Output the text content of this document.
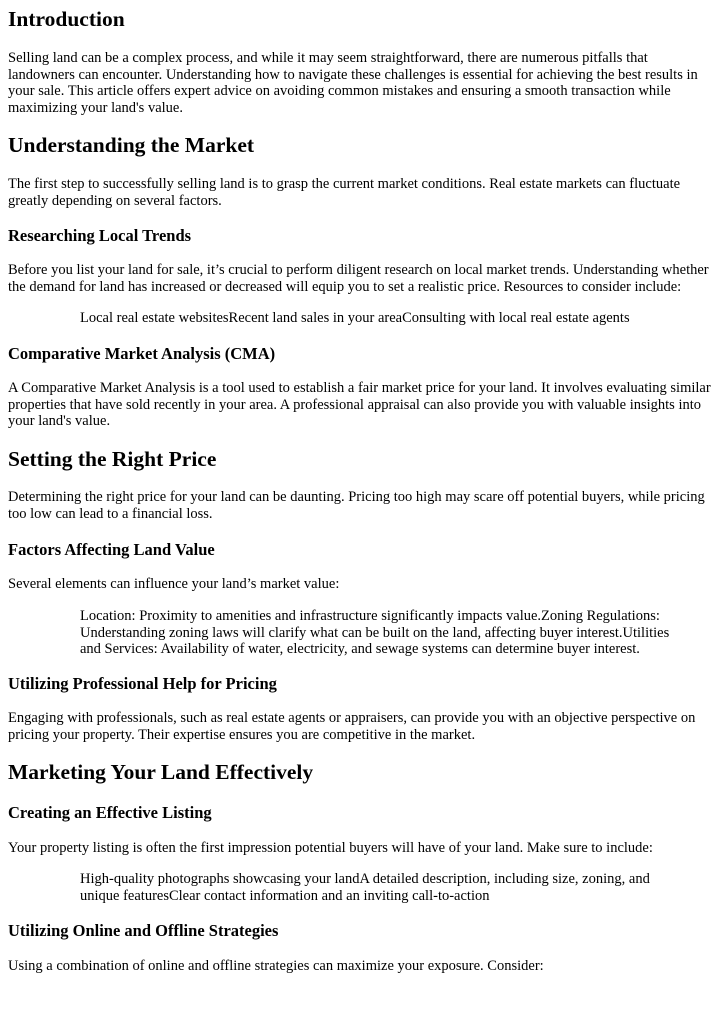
Introduction

Selling land can be a complex process, and while it may seem straightforward, there are numerous pitfalls that landowners can encounter. Understanding how to navigate these challenges is essential for achieving the best results in your sale. This article offers expert advice on avoiding common mistakes and ensuring a smooth transaction while maximizing your land's value.

Understanding the Market

The first step to successfully selling land is to grasp the current market conditions. Real estate markets can fluctuate greatly depending on several factors.

Researching Local Trends

Before you list your land for sale, it’s crucial to perform diligent research on local market trends. Understanding whether the demand for land has increased or decreased will equip you to set a realistic price. Resources to consider include:

Local real estate websitesRecent land sales in your areaConsulting with local real estate agents

Comparative Market Analysis (CMA)

A Comparative Market Analysis is a tool used to establish a fair market price for your land. It involves evaluating similar properties that have sold recently in your area. A professional appraisal can also provide you with valuable insights into your land's value.

Setting the Right Price

Determining the right price for your land can be daunting. Pricing too high may scare off potential buyers, while pricing too low can lead to a financial loss.

Factors Affecting Land Value

Several elements can influence your land’s market value:

Location: Proximity to amenities and infrastructure significantly impacts value.Zoning Regulations: Understanding zoning laws will clarify what can be built on the land, affecting buyer interest.Utilities and Services: Availability of water, electricity, and sewage systems can determine buyer interest.

Utilizing Professional Help for Pricing

Engaging with professionals, such as real estate agents or appraisers, can provide you with an objective perspective on pricing your property. Their expertise ensures you are competitive in the market.

Marketing Your Land Effectively
Creating an Effective Listing

Your property listing is often the first impression potential buyers will have of your land. Make sure to include:

High-quality photographs showcasing your landA detailed description, including size, zoning, and unique featuresClear contact information and an inviting call-to-action

Utilizing Online and Offline Strategies

Using a combination of online and offline strategies can maximize your exposure. Consider:
